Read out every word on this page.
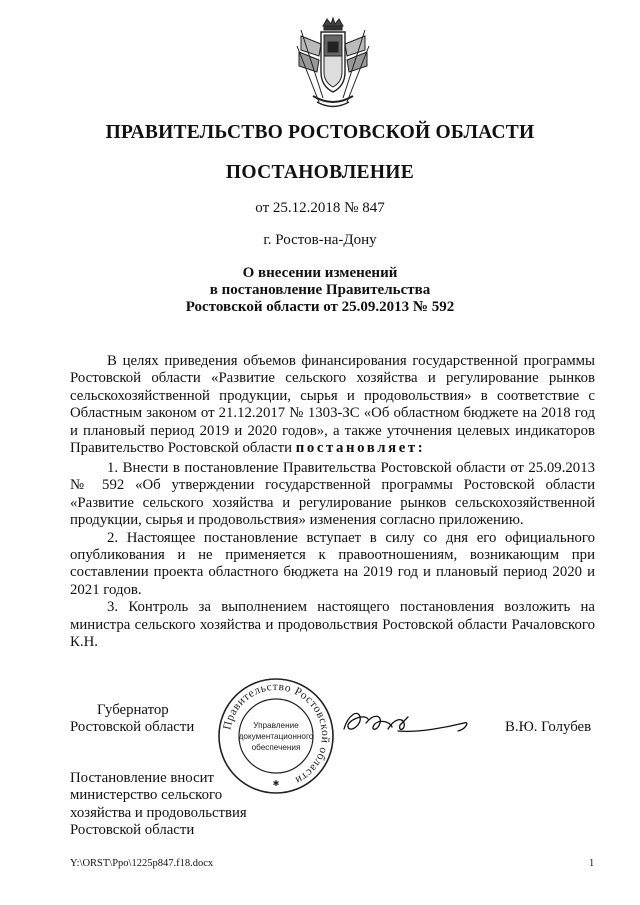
ПРАВИТЕЛЬСТВО РОСТОВСКОЙ ОБЛАСТИ
ПОСТАНОВЛЕНИЕ
от 25.12.2018 № 847
г. Ростов-на-Дону
О внесении изменений
в постановление Правительства
Ростовской области от 25.09.2013 № 592

В целях приведения объемов финансирования государственной программы Ростовской области «Развитие сельского хозяйства и регулирование рынков сельскохозяйственной продукции, сырья и продовольствия» в соответствие с Областным законом от 21.12.2017 № 1303-ЗС «Об областном бюджете на 2018 год и плановый период 2019 и 2020 годов», а также уточнения целевых индикаторов Правительство Ростовской области постановляет:

1. Внести в постановление Правительства Ростовской области от 25.09.2013 № 592 «Об утверждении государственной программы Ростовской области «Развитие сельского хозяйства и регулирование рынков сельскохозяйственной продукции, сырья и продовольствия» изменения согласно приложению.

2. Настоящее постановление вступает в силу со дня его официального опубликования и не применяется к правоотношениям, возникающим при составлении проекта областного бюджета на 2019 год и плановый период 2020 и 2021 годов.

3. Контроль за выполнением настоящего постановления возложить на министра сельского хозяйства и продовольствия Ростовской области Рачаловского К.Н.

Губернатор
Ростовской области Правительство Ростовской области
Управление
документационного
обеспечения
✱
В.Ю. Голубев
Постановление вносит
министерство сельского
хозяйства и продовольствия
Ростовской области
Y:\ORST\Ppo\1225p847.f18.docx	1
